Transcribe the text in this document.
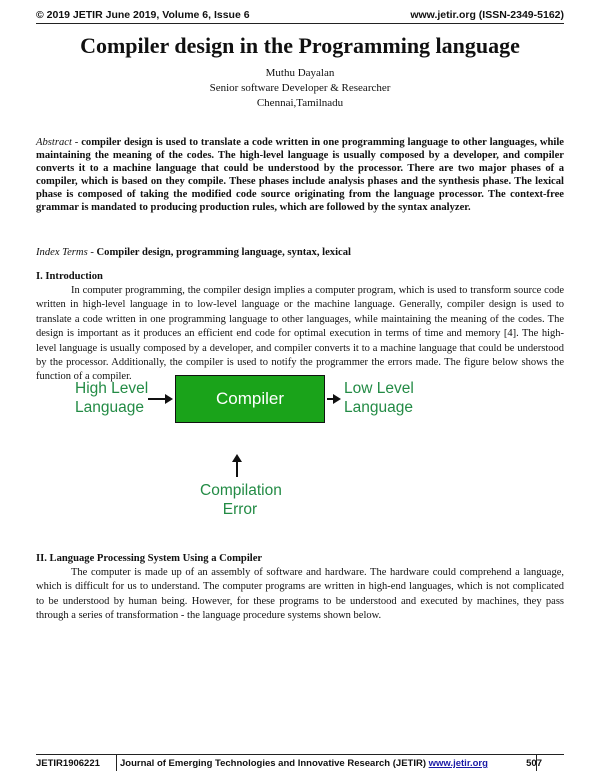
© 2019 JETIR June 2019, Volume 6, Issue 6	www.jetir.org (ISSN-2349-5162)
Compiler design in the Programming language
Muthu Dayalan
Senior software Developer & Researcher
Chennai,Tamilnadu

Abstract - compiler design is used to translate a code written in one programming language to other languages, while maintaining the meaning of the codes. The high-level language is usually composed by a developer, and compiler converts it to a machine language that could be understood by the processor. There are two major phases of a compiler, which is based on they compile. These phases include analysis phases and the synthesis phase. The lexical phase is composed of taking the modified code source originating from the language processor. The context-free grammar is mandated to producing production rules, which are followed by the syntax analyzer.

Index Terms - Compiler design, programming language, syntax, lexical

I. Introduction

In computer programming, the compiler design implies a computer program, which is used to transform source code written in high-level language in to low-level language or the machine language. Generally, compiler design is used to translate a code written in one programming language to other languages, while maintaining the meaning of the codes. The design is important as it produces an efficient end code for optimal execution in terms of time and memory [4]. The high-level language is usually composed by a developer, and compiler converts it to a machine language that could be understood by the processor. Additionally, the compiler is used to notify the programmer the errors made. The figure below shows the function of a compiler.

High Level
Language	Compiler
Low Level
Language
Compilation
Error
II. Language Processing System Using a Compiler

The computer is made up of an assembly of software and hardware. The hardware could comprehend a language, which is difficult for us to understand. The computer programs are written in high-end languages, which is not complicated to be understood by human being. However, for these programs to be understood and executed by machines, they pass through a series of transformation - the language procedure systems shown below.

JETIR1906221 Journal of Emerging Technologies and Innovative Research (JETIR) www.jetir.org	507
